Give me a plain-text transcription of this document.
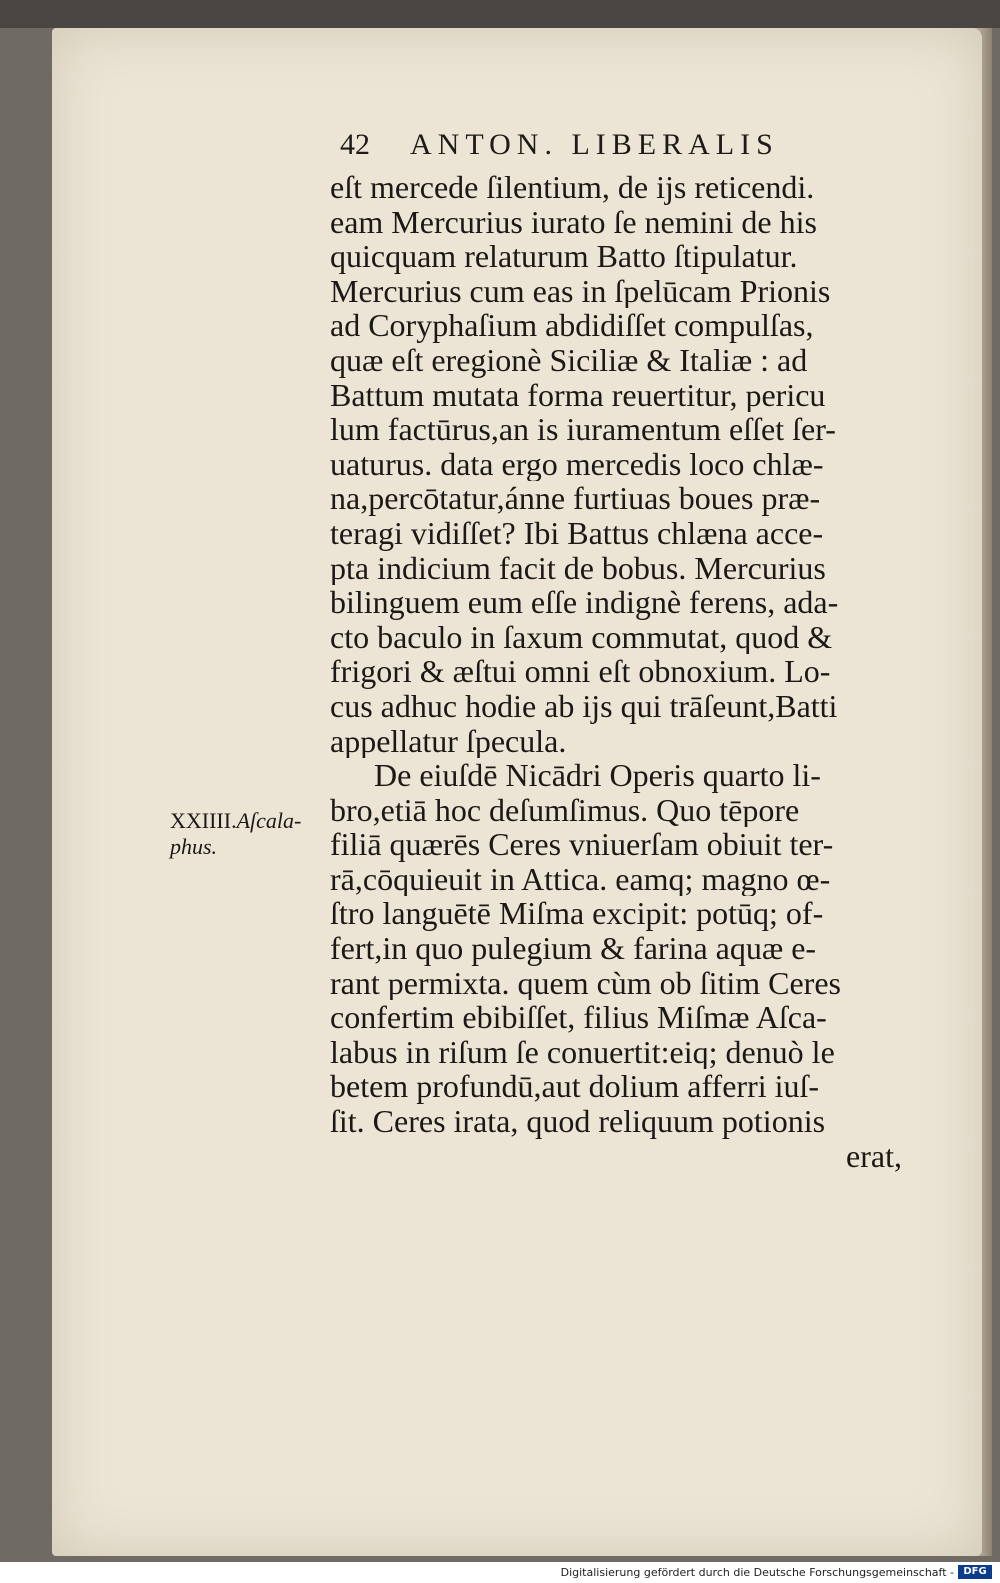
42 ANTON. LIBERALIS
XXIIII.Aſcala-
phus.
eſt mercede ſilentium, de ijs reticendi.
eam Mercurius iurato ſe nemini de his
quicquam relaturum Batto ſtipulatur.
Mercurius cum eas in ſpelūcam Prionis
ad Coryphaſium abdidiſſet compulſas,
quæ eſt eregionè Siciliæ & Italiæ : ad
Battum mutata forma reuertitur, pericu
lum factūrus,an is iuramentum eſſet ſer-
uaturus. data ergo mercedis loco chlæ-
na,percōtatur,ánne furtiuas boues præ-
teragi vidiſſet? Ibi Battus chlæna acce-
pta indicium facit de bobus. Mercurius
bilinguem eum eſſe indignè ferens, ada-
cto baculo in ſaxum commutat, quod &
frigori & æſtui omni eſt obnoxium. Lo-
cus adhuc hodie ab ijs qui trāſeunt,Batti
appellatur ſpecula.
De eiuſdē Nicādri Operis quarto li-
bro,etiā hoc deſumſimus. Quo tēpore
filiā quærēs Ceres vniuerſam obiuit ter-
rā,cōquieuit in Attica. eamq; magno œ-
ſtro languētē Miſma excipit: potūq; of-
fert,in quo pulegium & farina aquæ e-
rant permixta. quem cùm ob ſitim Ceres
confertim ebibiſſet, filius Miſmæ Aſca-
labus in riſum ſe conuertit:eiq; denuò le
betem profundū,aut dolium afferri iuſ-
ſit. Ceres irata, quod reliquum potionis
erat,
Digitalisierung gefördert durch die Deutsche Forschungsgemeinschaft - DFG
